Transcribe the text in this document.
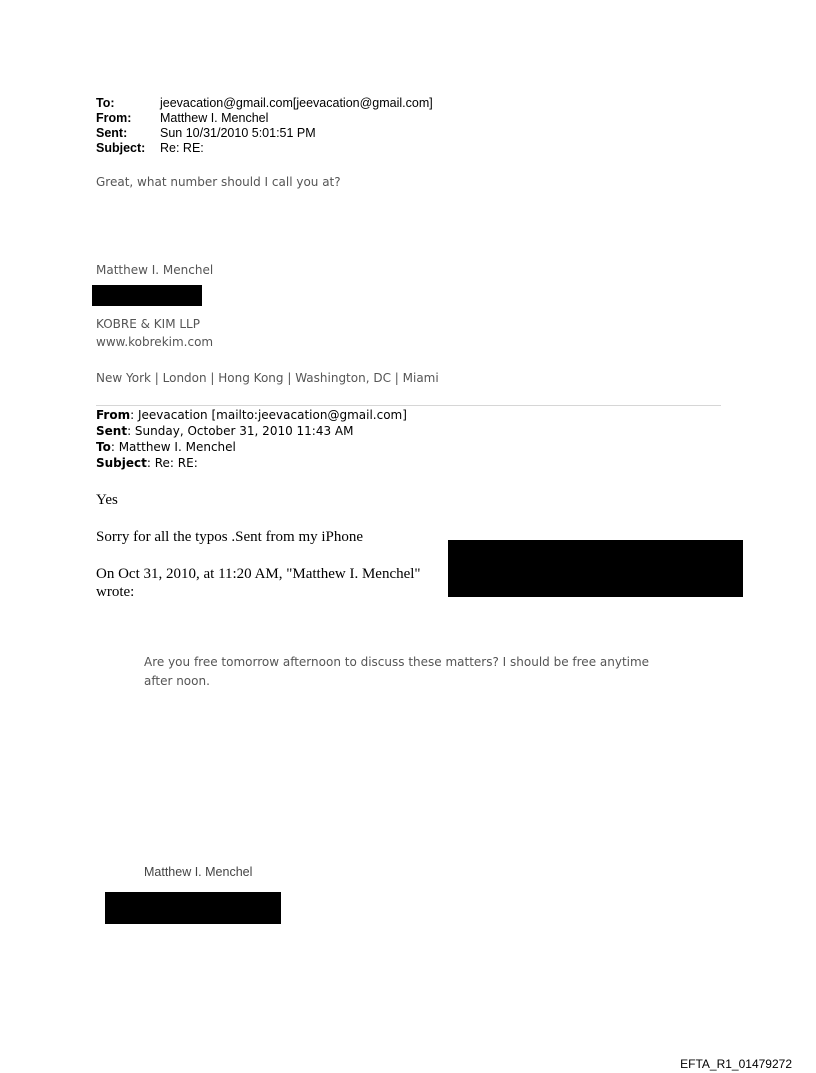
To:	jeevacation@gmail.com[jeevacation@gmail.com]
From: Matthew I. Menchel
Sent:	Sun 10/31/2010 5:01:51 PM
Subject: Re: RE:
Great, what number should I call you at?
Matthew I. Menchel
KOBRE & KIM LLP
www.kobrekim.com
New York | London | Hong Kong | Washington, DC | Miami
From: Jeevacation [mailto:jeevacation@gmail.com]
Sent: Sunday, October 31, 2010 11:43 AM
To: Matthew I. Menchel
Subject: Re: RE:
Yes
Sorry for all the typos .Sent from my iPhone
On Oct 31, 2010, at 11:20 AM, "Matthew I. Menchel"
wrote:
Are you free tomorrow afternoon to discuss these matters? I should be free anytime
after noon.
Matthew I. Menchel
EFTA_R1_01479272
